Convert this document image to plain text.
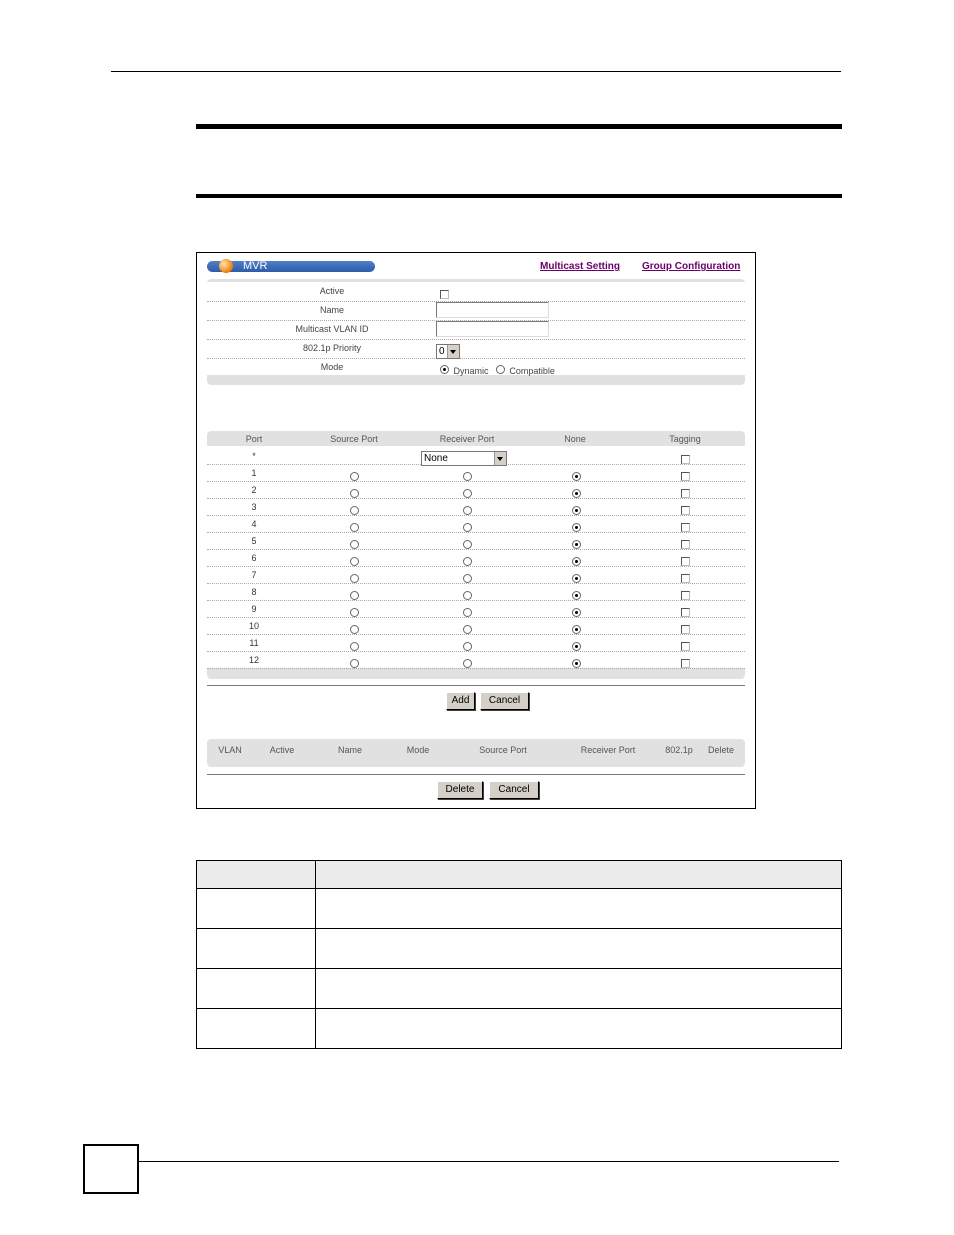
MVR	Multicast Setting Group Configuration
Active
Name
Multicast VLAN ID
802.1p Priority	0
Mode	Dynamic Compatible
Port	Source Port	Receiver Port	None	Tagging
*	None
1
2
3
4
5
6
7
8
9
10
11
12
Add	Cancel
VLAN	Active	Name	Mode	Source Port	Receiver Port	802.1p	Delete
Delete	Cancel
